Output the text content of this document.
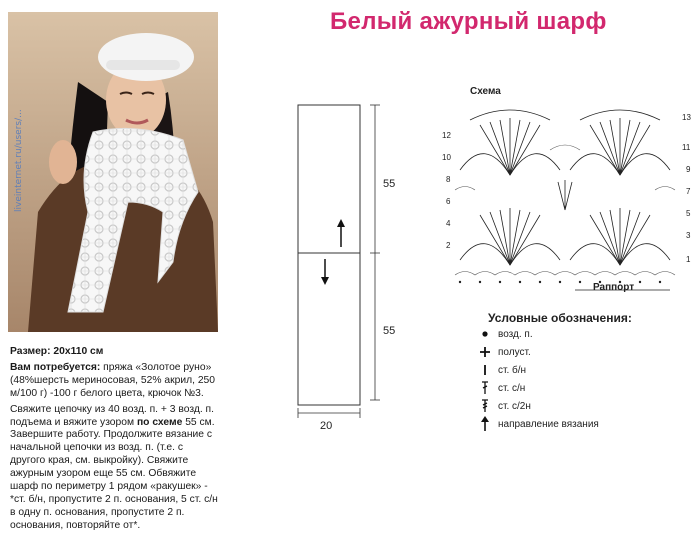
Белый ажурный шарф
liveinternet.ru/users/...

Размер: 20х110 см

Вам потребуется: пряжа «Золотое руно» (48%шерсть мериносовая, 52% акрил, 250 м/100 г) -100 г белого цвета, крючок №3.

Свяжите цепочку из 40 возд. п. + 3 возд. п. подъема и вяжите узором по схеме 55 см. Завершите работу. Продолжите вязание с начальной цепочки из возд. п. (т.е. с другого края, см. выкройку). Свяжите ажурным узором еще 55 см. Обвяжите шарф по периметру 1 рядом «ракушек» - *ст. б/н, пропустите 2 п. основания, 5 ст. с/н в одну п. основания, пропустите 2 п. основания, повторяйте от*.

55
55
20
Схема
12
10
8
6
4
2
13
11
9
7
5
3
1
Раппорт
Условные обозначения:
возд. п.
полуст.
ст. б/н
ст. с/н
ст. с/2н
направление вязания
